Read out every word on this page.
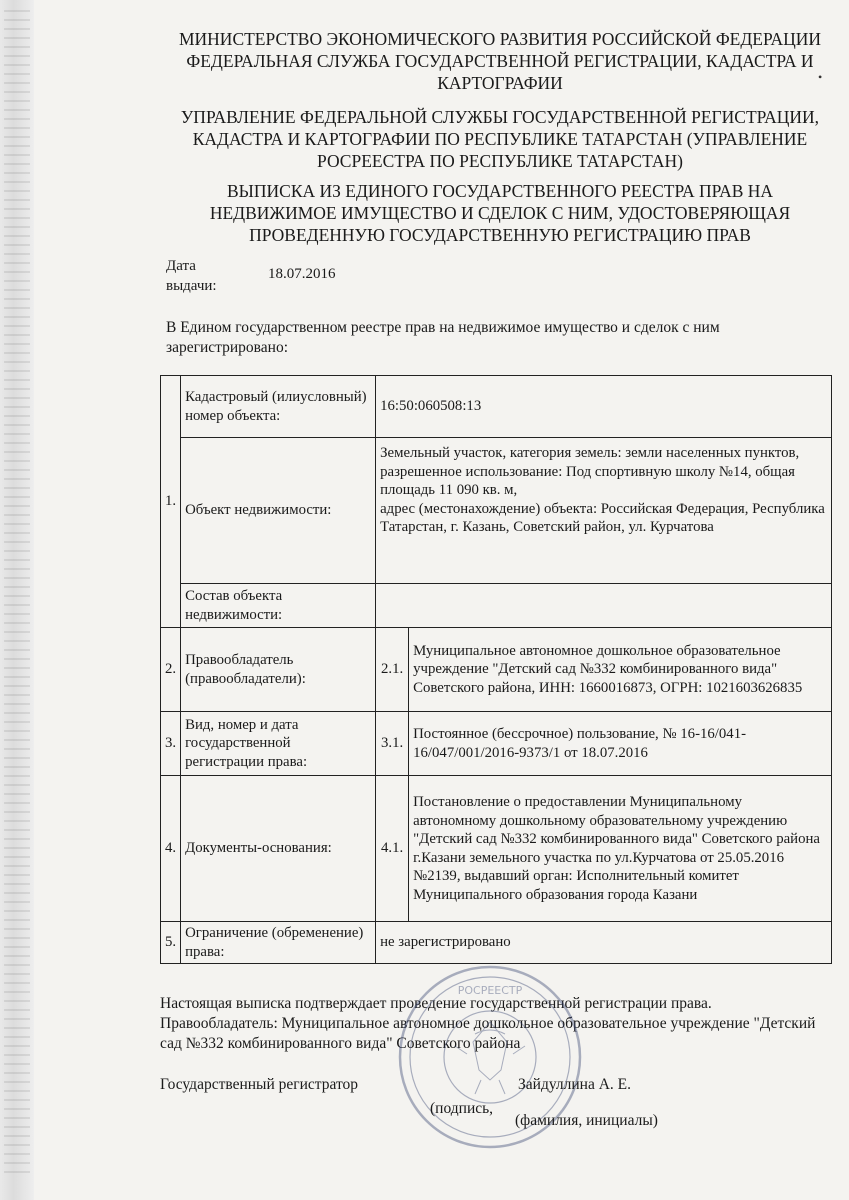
•
МИНИСТЕРСТВО ЭКОНОМИЧЕСКОГО РАЗВИТИЯ РОССИЙСКОЙ ФЕДЕРАЦИИ ФЕДЕРАЛЬНАЯ СЛУЖБА ГОСУДАРСТВЕННОЙ РЕГИСТРАЦИИ, КАДАСТРА И КАРТОГРАФИИ
УПРАВЛЕНИЕ ФЕДЕРАЛЬНОЙ СЛУЖБЫ ГОСУДАРСТВЕННОЙ РЕГИСТРАЦИИ, КАДАСТРА И КАРТОГРАФИИ ПО РЕСПУБЛИКЕ ТАТАРСТАН (УПРАВЛЕНИЕ РОСРЕЕСТРА ПО РЕСПУБЛИКЕ ТАТАРСТАН)
ВЫПИСКА ИЗ ЕДИНОГО ГОСУДАРСТВЕННОГО РЕЕСТРА ПРАВ НА НЕДВИЖИМОЕ ИМУЩЕСТВО И СДЕЛОК С НИМ, УДОСТОВЕРЯЮЩАЯ ПРОВЕДЕННУЮ ГОСУДАРСТВЕННУЮ РЕГИСТРАЦИЮ ПРАВ
Дата выдачи:
18.07.2016
В Едином государственном реестре прав на недвижимое имущество и сделок с ним зарегистрировано:
1.	Кадастровый (илиусловный) номер объекта:	16:50:060508:13	
	Объект недвижимости:	Земельный участок, категория земель: земли населенных пунктов, разрешенное использование: Под спортивную школу №14, общая площадь 11 090 кв. м,
адрес (местонахождение) объекта: Российская Федерация, Республика Татарстан, г. Казань, Советский район, ул. Курчатова	

	Состав объекта недвижимости:		
2.	Правообладатель (правообладатели):	2.1.	Муниципальное автономное дошкольное образовательное учреждение "Детский сад №332 комбинированного вида" Советского района, ИНН: 1660016873, ОГРН: 1021603626835
3.	Вид, номер и дата государственной регистрации права:	3.1.	Постоянное (бессрочное) пользование, № 16-16/041-16/047/001/2016-9373/1 от 18.07.2016
4.	Документы-основания:	4.1.	Постановление о предоставлении Муниципальному автономному дошкольному образовательному учреждению "Детский сад №332 комбинированного вида" Советского района г.Казани земельного участка по ул.Курчатова от 25.05.2016 №2139, выдавший орган: Исполнительный комитет Муниципального образования города Казани
5.	Ограничение (обременение) права:	не зарегистрировано	
Настоящая выписка подтверждает проведение государственной регистрации права.
Правообладатель: Муниципальное автономное дошкольное образовательное учреждение "Детский сад №332 комбинированного вида" Советского района
РОСРЕЕСТР
Государственный регистратор	Зайдуллина А. Е.
(подпись,
(фамилия, инициалы)
